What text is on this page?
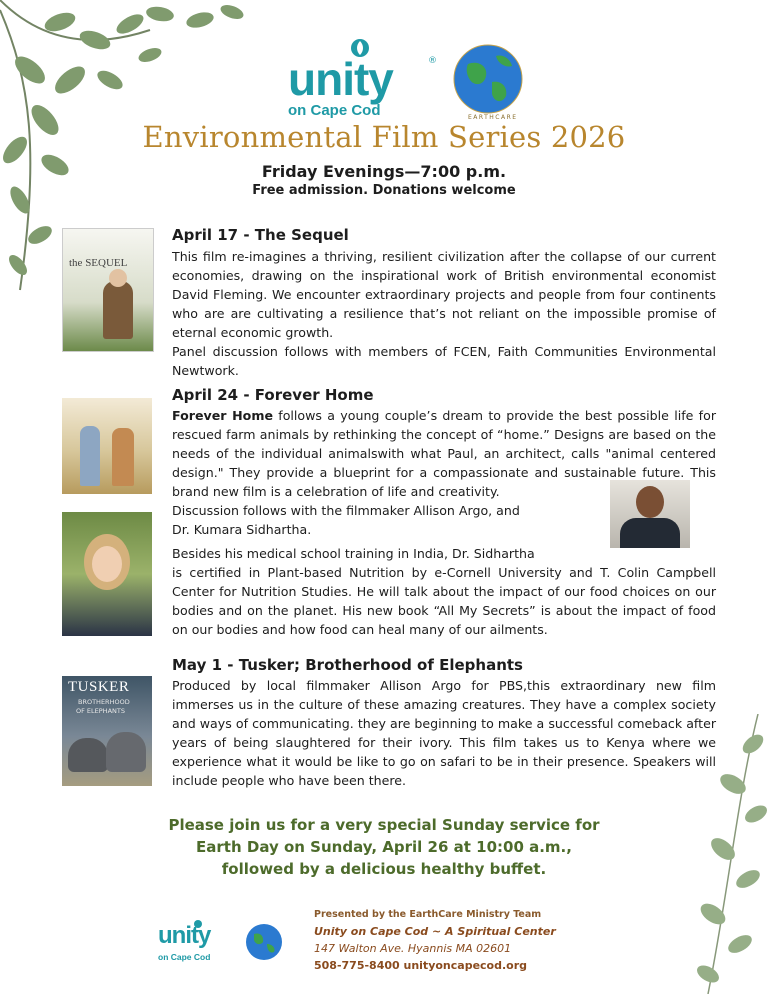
unity	®
on Cape Cod	EARTHCARE
Environmental Film Series 2026
Friday Evenings—7:00 p.m.
Free admission. Donations welcome
the SEQUEL
April 17 - The Sequel

This film re-imagines a thriving, resilient civilization after the collapse of our current economies, drawing on the inspirational work of British environmental economist David Fleming. We encounter extraordinary projects and people from four continents who are are cultivating a resilience that’s not reliant on the impossible promise of eternal economic growth.

Panel discussion follows with members of FCEN, Faith Communities Environmental Newtwork.

April 24 - Forever Home

Forever Home follows a young couple’s dream to provide the best possible life for rescued farm animals by rethinking the concept of “home.” Designs are based on the needs of the individual animalswith what Paul, an architect, calls "animal centered design." They provide a blueprint for a compassionate and sustainable future. This brand new film is a celebration of life and creativity.

Discussion follows with the filmmaker Allison Argo, and
Dr. Kumara Sidhartha.

Besides his medical school training in India, Dr. Sidhartha

is certified in Plant-based Nutrition by e-Cornell University and T. Colin Campbell Center for Nutrition Studies. He will talk about the impact of our food choices on our bodies and on the planet. His new book “All My Secrets” is about the impact of food on our bodies and how food can heal many of our ailments.

TUSKER
BROTHERHOOD
OF ELEPHANTS
May 1 - Tusker; Brotherhood of Elephants

Produced by local filmmaker Allison Argo for PBS,this extraordinary new film immerses us in the culture of these amazing creatures. They have a complex society and ways of communicating. they are beginning to make a successful comeback after years of being slaughtered for their ivory. This film takes us to Kenya where we experience what it would be like to go on safari to be in their presence. Speakers will include people who have been there.

Please join us for a very special Sunday service for
Earth Day on Sunday, April 26 at 10:00 a.m.,
followed by a delicious healthy buffet.
unity
on Cape Cod
Presented by the EarthCare Ministry Team
Unity on Cape Cod ~ A Spiritual Center
147 Walton Ave. Hyannis MA 02601
508-775-8400 unityoncapecod.org
